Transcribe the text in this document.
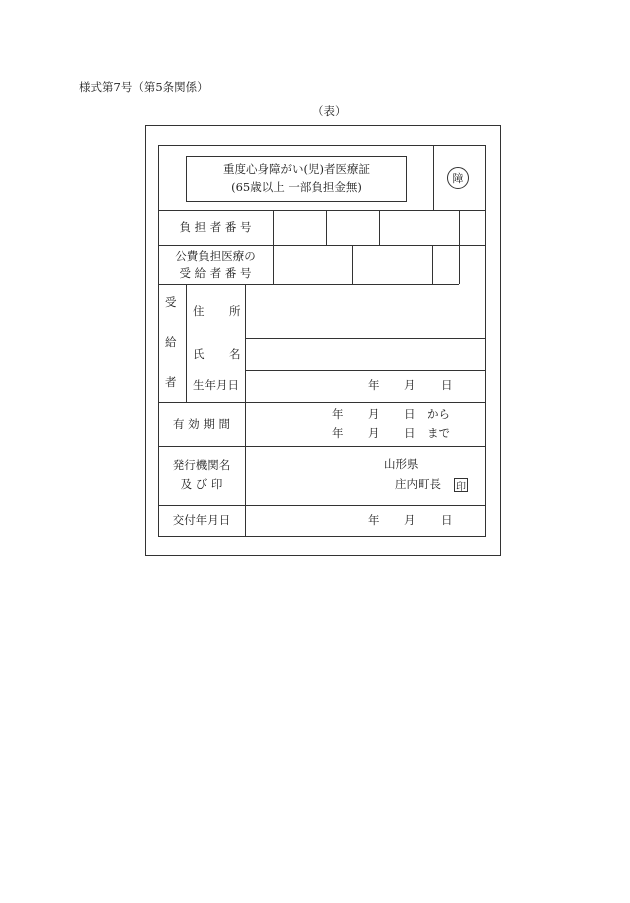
様式第7号（第5条関係）
（表）
重度心身障がい(児)者医療証
(65歳以上 一部負担金無)
障
負 担 者 番 号
公費負担医療の
受 給 者 番 号
受
給
者
住 所
氏 名
生年月日	年 月 日
有 効 期 間
年 月 日 から
年 月 日 まで
発行機関名
及 び 印
山形県
庄内町長 印
交付年月日	年 月 日
